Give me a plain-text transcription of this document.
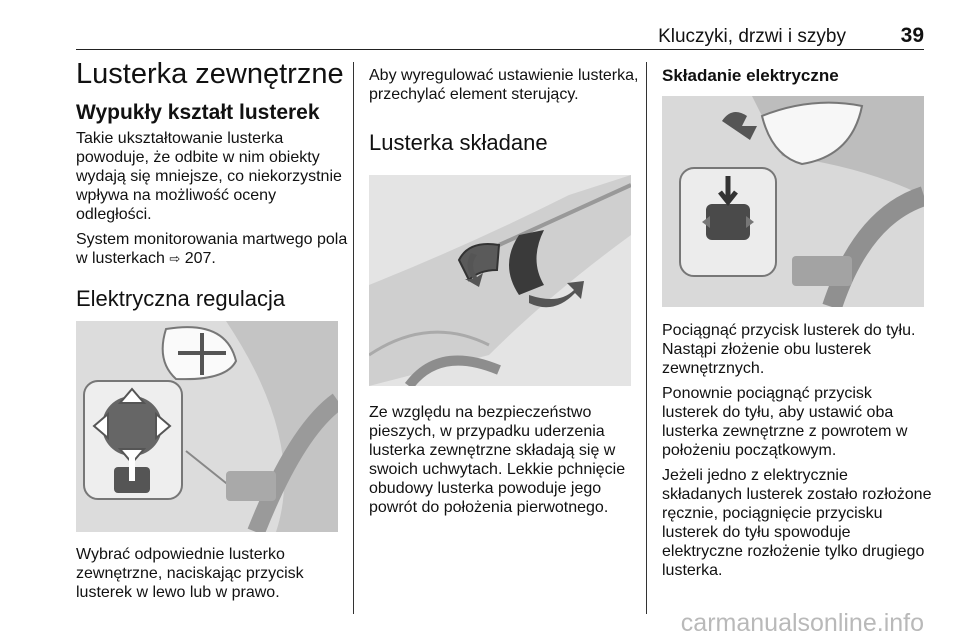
Kluczyki, drzwi i szyby	39
Lusterka zewnętrzne
Wypukły kształt lusterek

Takie ukształtowanie lusterka powoduje, że odbite w nim obiekty wydają się mniejsze, co niekorzystnie wpływa na możliwość oceny odległości.

System monitorowania martwego pola w lusterkach ⇨ 207.

Elektryczna regulacja

Wybrać odpowiednie lusterko zewnętrzne, naciskając przycisk lusterek w lewo lub w prawo.

Aby wyregulować ustawienie lusterka, przechylać element sterujący.

Lusterka składane

Ze względu na bezpieczeństwo pieszych, w przypadku uderzenia lusterka zewnętrzne składają się w swoich uchwytach. Lekkie pchnięcie obudowy lusterka powoduje jego powrót do położenia pierwotnego.

Składanie elektryczne

Pociągnąć przycisk lusterek do tyłu. Nastąpi złożenie obu lusterek zewnętrznych.

Ponownie pociągnąć przycisk lusterek do tyłu, aby ustawić oba lusterka zewnętrzne z powrotem w położeniu początkowym.

Jeżeli jedno z elektrycznie składanych lusterek zostało rozłożone ręcznie, pociągnięcie przycisku lusterek do tyłu spowoduje elektryczne rozłożenie tylko drugiego lusterka.

carmanualsonline.info
